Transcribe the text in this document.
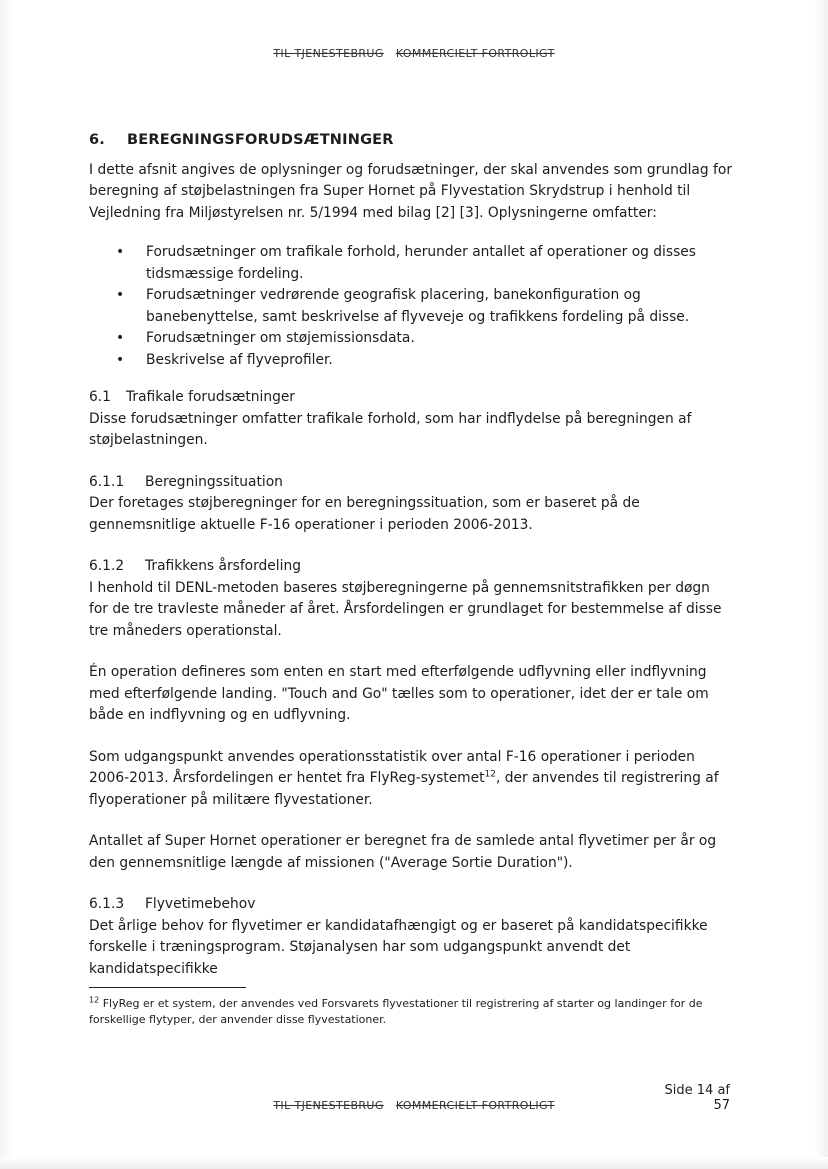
TIL TJENESTEBRUG KOMMERCIELT FORTROLIGT
6.	BEREGNINGSFORUDSÆTNINGER

I dette afsnit angives de oplysninger og forudsætninger, der skal anvendes som grundlag for beregning af støjbelastningen fra Super Hornet på Flyvestation Skrydstrup i henhold til Vejledning fra Miljøstyrelsen nr. 5/1994 med bilag [2] [3]. Oplysningerne omfatter:

• Forudsætninger om trafikale forhold, herunder antallet af operationer og disses tidsmæssige fordeling.
• Forudsætninger vedrørende geografisk placering, banekonfiguration og banebenyttelse, samt beskrivelse af flyveveje og trafikkens fordeling på disse.
• Forudsætninger om støjemissionsdata.
• Beskrivelse af flyveprofiler.
6.1	Trafikale forudsætninger

Disse forudsætninger omfatter trafikale forhold, som har indflydelse på beregningen af støjbelastningen.

6.1.1	Beregningssituation

Der foretages støjberegninger for en beregningssituation, som er baseret på de gennemsnitlige aktuelle F-16 operationer i perioden 2006-2013.

6.1.2	Trafikkens årsfordeling

I henhold til DENL-metoden baseres støjberegningerne på gennemsnitstrafikken per døgn for de tre travleste måneder af året. Årsfordelingen er grundlaget for bestemmelse af disse tre måneders operationstal.

Én operation defineres som enten en start med efterfølgende udflyvning eller indflyvning med efterfølgende landing. "Touch and Go" tælles som to operationer, idet der er tale om både en indflyvning og en udflyvning.

Som udgangspunkt anvendes operationsstatistik over antal F-16 operationer i perioden 2006-2013. Årsfordelingen er hentet fra FlyReg-systemet$^{12}$, der anvendes til registrering af flyoperationer på militære flyvestationer.

Antallet af Super Hornet operationer er beregnet fra de samlede antal flyvetimer per år og den gennemsnitlige længde af missionen ("Average Sortie Duration").

6.1.3	Flyvetimebehov

Det årlige behov for flyvetimer er kandidatafhængigt og er baseret på kandidatspecifikke forskelle i træningsprogram. Støjanalysen har som udgangspunkt anvendt det kandidatspecifikke

$^{12}$ FlyReg er et system, der anvendes ved Forsvarets flyvestationer til registrering af starter og landinger for de forskellige flytyper, der anvender disse flyvestationer.
Side 14 af 57
TIL TJENESTEBRUG KOMMERCIELT FORTROLIGT
